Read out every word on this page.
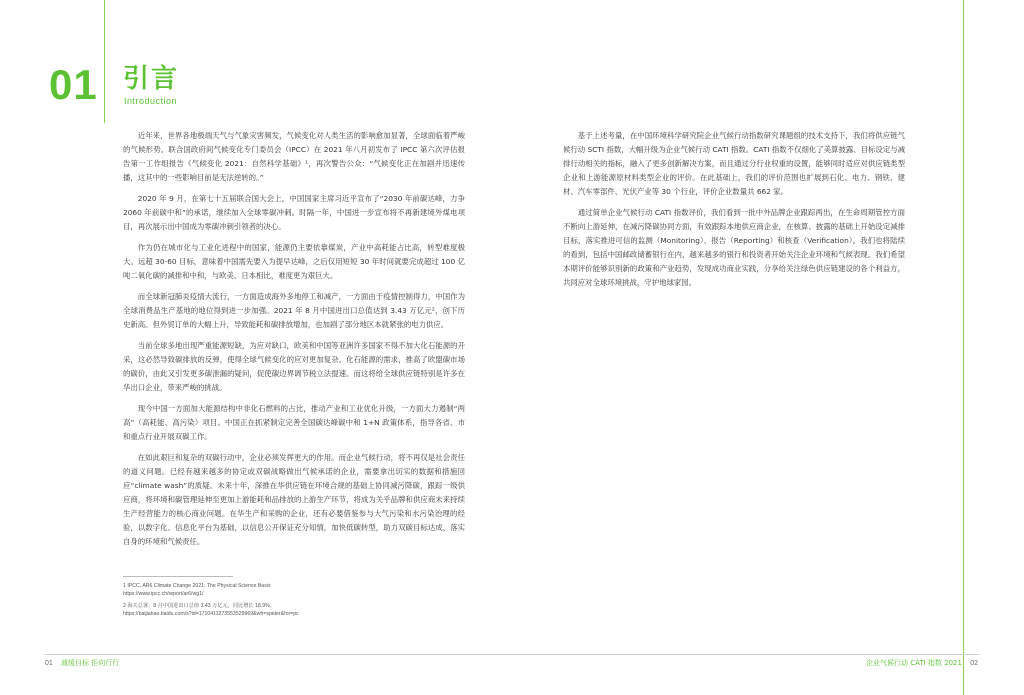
01 引言
Introduction

近年来，世界各地极端天气与气象灾害频发，气候变化对人类生活的影响愈加显著，全球面临着严峻的气候形势。联合国政府间气候变化专门委员会（IPCC）在 2021 年八月初发布了 IPCC 第六次评估报告第一工作组报告《气候变化 2021：自然科学基础》¹，再次警告公众：“气候变化正在加剧并迅速传播，这其中的一些影响目前是无法逆转的。”

2020 年 9 月，在第七十五届联合国大会上，中国国家主席习近平宣布了“2030 年前碳达峰，力争 2060 年前碳中和”的承诺，继续加入全球零碳冲刺。时隔一年，中国进一步宣布将不再新建境外煤电项目，再次展示出中国成为零碳冲刺引领者的决心。

作为仍在城市化与工业化进程中的国家，能源仍主要依靠煤炭，产业中高耗能占比高，转型难度极大。远超 30-60 目标，意味着中国需先要入为提早达峰，之后仅用短短 30 年时间就要完成超过 100 亿吨二氧化碳的减排和中和，与欧美、日本相比，难度更为艰巨大。

而全球新冠肺炎疫情大流行，一方面造成海外多地停工和减产，一方面由于疫情控制得力，中国作为全球消费品生产基地的地位得到进一步加强。2021 年 8 月中国进出口总值达到 3.43 万亿元²，创下历史新高。但外贸订单的大幅上升，导致能耗和碳排放增加，也加剧了部分地区本就紧张的电力供应。

当前全球多地出现严重能源短缺，为应对缺口，欧美和中国等亚洲许多国家不得不加大化石能源的开采，这必然导致碳排放的反弹，使得全球气候变化的应对更加复杂。化石能源的需求，推高了欧盟碳市场的碳价，由此又引发更多碳泄漏的疑问，促使碳边界调节税立法提速。而这将给全球供应链特别是许多在华出口企业，带来严峻的挑战。

现今中国一方面加大能源结构中非化石燃料的占比，推动产业和工业优化升级，一方面大力遏制“两高”（高耗能、高污染）项目。中国正在抓紧制定完善全国碳达峰碳中和 1+N 政策体系，指导各省、市和重点行业开展双碳工作。

在如此艰巨和复杂的双碳行动中，企业必须发挥更大的作用。而企业气候行动，将不再仅是社会责任的道义问题。已经有越来越多的协定或双碳战略做出气候承诺的企业，需要拿出切实的数据和措施回应“climate wash”的质疑。未来十年，深推在华供应链在环境合规的基础上协同减污降碳，跟踪一级供应商，将环境和碳管理延伸至更加上游能耗和品排放的上游生产环节，将成为关乎品牌和供应商未来持续生产经营能力的核心商业问题。在华生产和采购的企业，还有必要借鉴参与大气污染和水污染治理的经验，以数字化、信息化平台为基础，以信息公开保证充分知情，加快低碳转型，助力双碳目标达成，落实自身的环境和气候责任。

基于上述考量，在中国环境科学研究院企业气候行动指数研究课题组的技术支持下，我们将供应链气候行动 SCTI 指数，大幅升级为企业气候行动 CATI 指数。CATI 指数不仅细化了美算披露、目标设定与减排行动相关的指标，融入了更多创新解决方案，而且通过分行业权重的设置，能够同时适应对供应链类型企业和上游能源原材料类型企业的评价。在此基础上，我们的评价范围也扩展到石化、电力、钢铁、建材、汽车零部件、光伏产业等 30 个行业，评价企业数量共 662 家。

通过简单企业气候行动 CATI 指数评价，我们看到一批中外品牌企业跟踪两出，在生命周期管控方面不断向上游延伸，在减污降碳协同方面，有效跟踪本地供应商企业，在核算、披露的基础上开始设定减排目标，落实推进可信的监测（Monitoring）、报告（Reporting）和核查（Verification）。我们也将陆续的看到，包括中国邮政储蓄银行在内，越来越多的银行和投资者开始关注企业环境和气候表现。我们希望本期评价能够识别新的政策和产业趋势，发现成功商业实践，分享给关注绿色供应链建设的各个利益方，共同应对全球环境挑战，守护地球家园。

1 IPCC, AR6 Climate Change 2021: The Physical Science Basis
https://www.ipcc.ch/report/ar6/wg1/
2 海关总署，8 月中国进出口总值 3.43 万亿元，同比增长 18.9%。
https://baijiahao.baidu.com/s?id=1710411273553529969&wfr=spider&for=pc
01 减缓目标 拒向行行	企业气候行动 CATI 指数 2021 02
